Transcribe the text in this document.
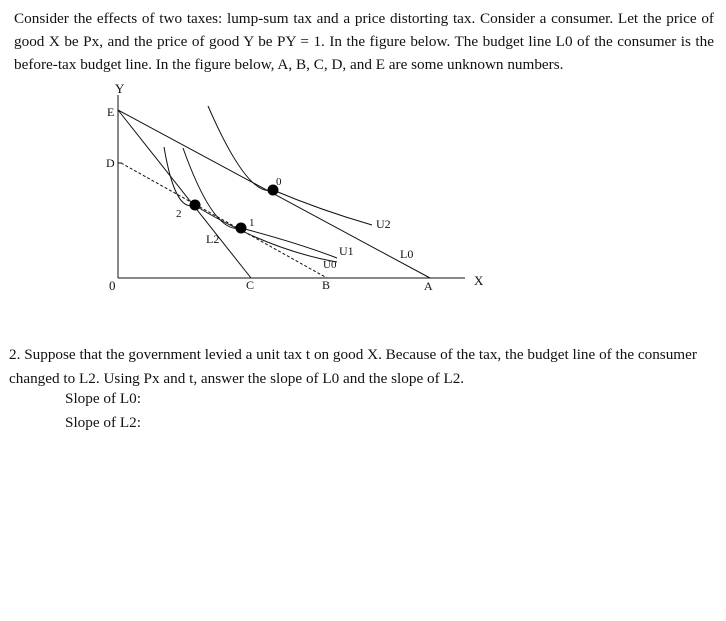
Consider the effects of two taxes: lump-sum tax and a price distorting tax. Consider a consumer. Let the price of good X be Px, and the price of good Y be PY = 1. In the figure below. The budget line L0 of the consumer is the before-tax budget line. In the figure below, A, B, C, D, and E are some unknown numbers.
Y
X
0
E
D
C	B	A
0
1
2
U2
U1
U0
L0
L2
2. Suppose that the government levied a unit tax t on good X. Because of the tax, the budget line of the consumer changed to L2. Using Px and t, answer the slope of L0 and the slope of L2.
Slope of L0:
Slope of L2:
